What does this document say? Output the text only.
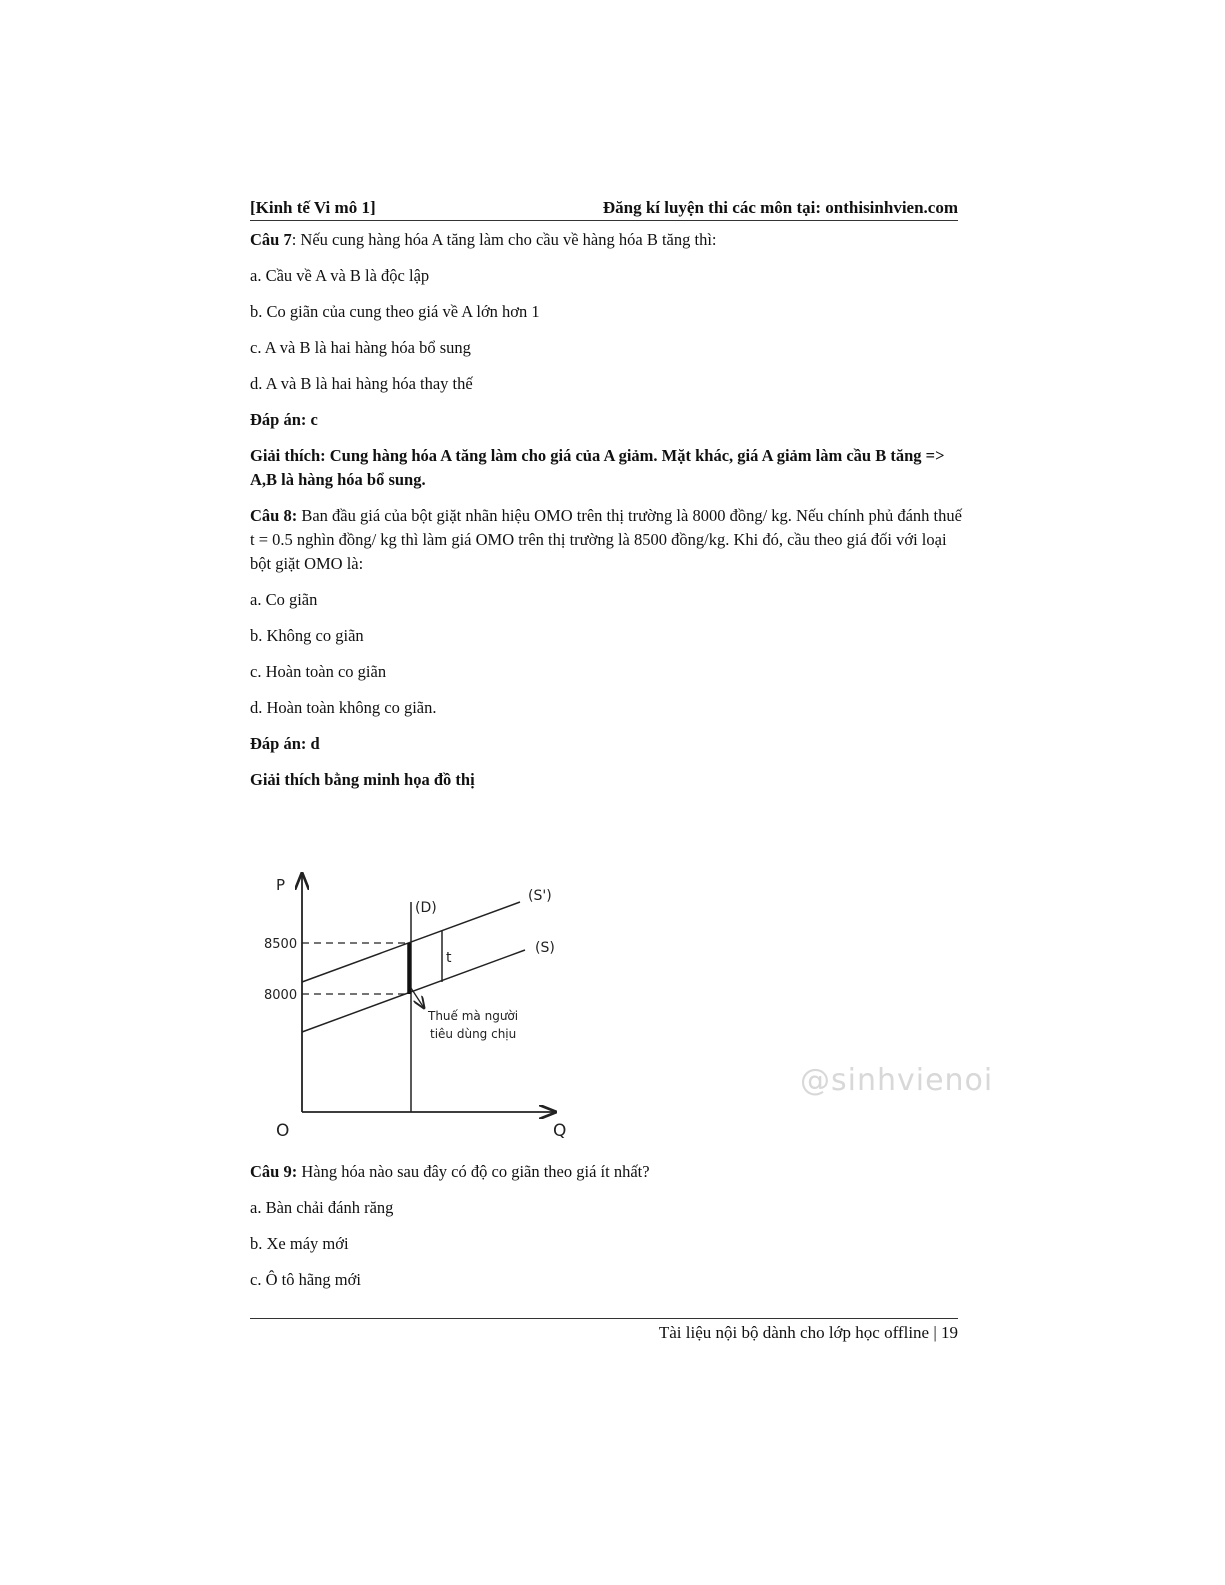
[Kinh tế Vi mô 1]	Đăng kí luyện thi các môn tại: onthisinhvien.com

Câu 7: Nếu cung hàng hóa A tăng làm cho cầu về hàng hóa B tăng thì:

a. Cầu về A và B là độc lập

b. Co giãn của cung theo giá về A lớn hơn 1

c. A và B là hai hàng hóa bổ sung

d. A và B là hai hàng hóa thay thế

Đáp án: c

Giải thích: Cung hàng hóa A tăng làm cho giá của A giảm. Mặt khác, giá A giảm làm cầu B tăng => A,B là hàng hóa bổ sung.

Câu 8: Ban đầu giá của bột giặt nhãn hiệu OMO trên thị trường là 8000 đồng/ kg. Nếu chính phủ đánh thuế t = 0.5 nghìn đồng/ kg thì làm giá OMO trên thị trường là 8500 đồng/kg. Khi đó, cầu theo giá đối với loại bột giặt OMO là:

a. Co giãn

b. Không co giãn

c. Hoàn toàn co giãn

d. Hoàn toàn không co giãn.

Đáp án: d

Giải thích bằng minh họa đồ thị

P
Q
O
8500
8000
(D)
(S')
(S)
t
Thuế mà người
tiêu dùng chịu

Câu 9: Hàng hóa nào sau đây có độ co giãn theo giá ít nhất?

a. Bàn chải đánh răng

b. Xe máy mới

c. Ô tô hãng mới

@sinhvienoi
Tài liệu nội bộ dành cho lớp học offline | 19
